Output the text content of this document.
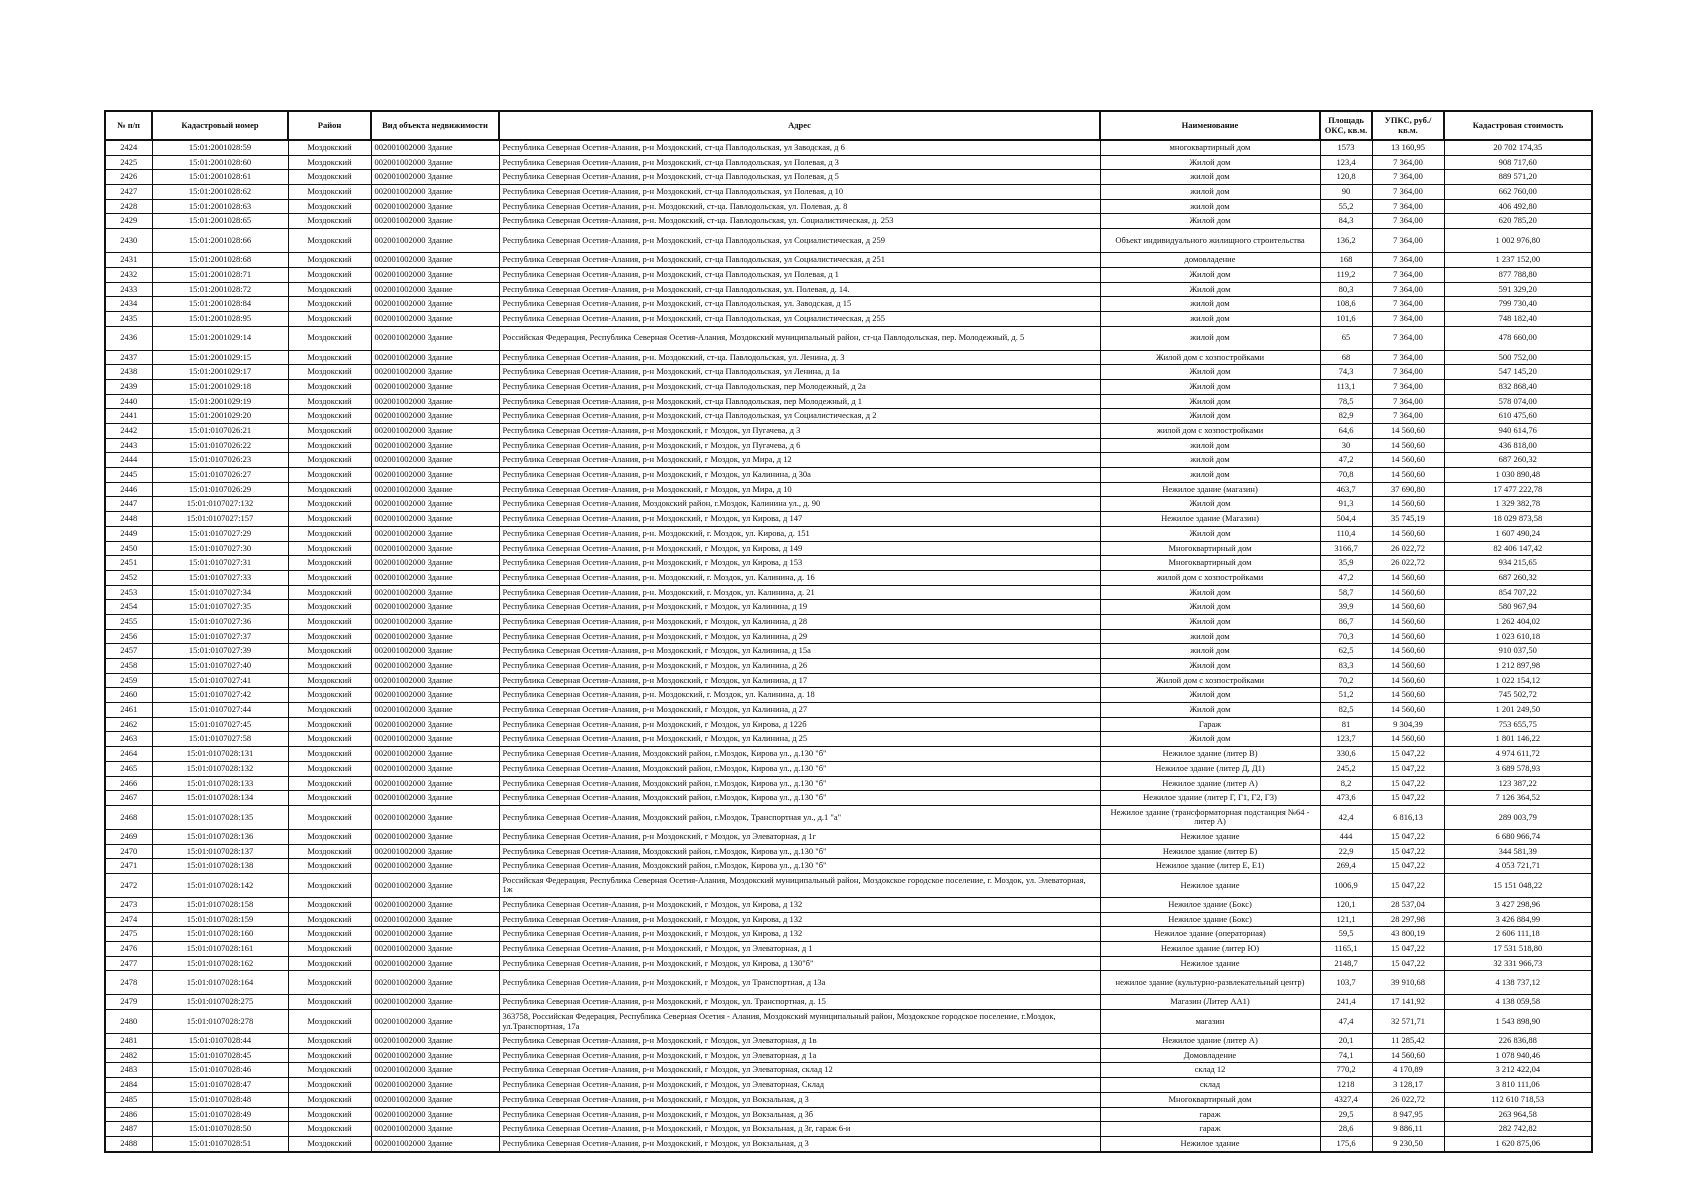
№ п/п	Кадастровый номер	Район	Вид объекта недвижимости	Адрес	Наименование	Площадь ОКС, кв.м.	УПКС, руб./кв.м.	Кадастровая стоимость
2424	15:01:2001028:59	Моздокский	002001002000 Здание	Республика Северная Осетия-Алания, р-н Моздокский, ст-ца Павлодольская, ул Заводская, д 6	многоквартирный дом	1573	13 160,95	20 702 174,35
2425	15:01:2001028:60	Моздокский	002001002000 Здание	Республика Северная Осетия-Алания, р-н Моздокский, ст-ца Павлодольская, ул Полевая, д 3	Жилой дом	123,4	7 364,00	908 717,60
2426	15:01:2001028:61	Моздокский	002001002000 Здание	Республика Северная Осетия-Алания, р-н Моздокский, ст-ца Павлодольская, ул Полевая, д 5	жилой дом	120,8	7 364,00	889 571,20
2427	15:01:2001028:62	Моздокский	002001002000 Здание	Республика Северная Осетия-Алания, р-н Моздокский, ст-ца Павлодольская, ул Полевая, д 10	жилой дом	90	7 364,00	662 760,00
2428	15:01:2001028:63	Моздокский	002001002000 Здание	Республика Северная Осетия-Алания, р-н. Моздокский, ст-ца. Павлодольская, ул. Полевая, д. 8	жилой дом	55,2	7 364,00	406 492,80
2429	15:01:2001028:65	Моздокский	002001002000 Здание	Республика Северная Осетия-Алания, р-н. Моздокский, ст-ца. Павлодольская, ул. Социалистическая, д. 253	Жилой дом	84,3	7 364,00	620 785,20
2430	15:01:2001028:66	Моздокский	002001002000 Здание	Республика Северная Осетия-Алания, р-н Моздокский, ст-ца Павлодольская, ул Социалистическая, д 259	Объект индивидуального жилищного строительства	136,2	7 364,00	1 002 976,80
2431	15:01:2001028:68	Моздокский	002001002000 Здание	Республика Северная Осетия-Алания, р-н Моздокский, ст-ца Павлодольская, ул Социалистическая, д 251	домовладение	168	7 364,00	1 237 152,00
2432	15:01:2001028:71	Моздокский	002001002000 Здание	Республика Северная Осетия-Алания, р-н Моздокский, ст-ца Павлодольская, ул Полевая, д 1	Жилой дом	119,2	7 364,00	877 788,80
2433	15:01:2001028:72	Моздокский	002001002000 Здание	Республика Северная Осетия-Алания, р-н Моздокский, ст-ца Павлодольская, ул. Полевая, д. 14.	Жилой дом	80,3	7 364,00	591 329,20
2434	15:01:2001028:84	Моздокский	002001002000 Здание	Республика Северная Осетия-Алания, р-н Моздокский, ст-ца Павлодольская, ул. Заводская, д 15	жилой дом	108,6	7 364,00	799 730,40
2435	15:01:2001028:95	Моздокский	002001002000 Здание	Республика Северная Осетия-Алания, р-н Моздокский, ст-ца Павлодольская, ул Социалистическая, д 255	жилой дом	101,6	7 364,00	748 182,40
2436	15:01:2001029:14	Моздокский	002001002000 Здание	Российская Федерация, Республика Северная Осетия-Алания, Моздокский муниципальный район, ст-ца Павлодольская, пер. Молодежный, д. 5	жилой дом	65	7 364,00	478 660,00
2437	15:01:2001029:15	Моздокский	002001002000 Здание	Республика Северная Осетия-Алания, р-н. Моздокский, ст-ца. Павлодольская, ул. Ленина, д. 3	Жилой дом с хозпостройками	68	7 364,00	500 752,00
2438	15:01:2001029:17	Моздокский	002001002000 Здание	Республика Северная Осетия-Алания, р-н Моздокский, ст-ца Павлодольская, ул Ленина, д 1а	Жилой дом	74,3	7 364,00	547 145,20
2439	15:01:2001029:18	Моздокский	002001002000 Здание	Республика Северная Осетия-Алания, р-н Моздокский, ст-ца Павлодольская, пер Молодежный, д 2а	Жилой дом	113,1	7 364,00	832 868,40
2440	15:01:2001029:19	Моздокский	002001002000 Здание	Республика Северная Осетия-Алания, р-н Моздокский, ст-ца Павлодольская, пер Молодежный, д 1	Жилой дом	78,5	7 364,00	578 074,00
2441	15:01:2001029:20	Моздокский	002001002000 Здание	Республика Северная Осетия-Алания, р-н Моздокский, ст-ца Павлодольская, ул Социалистическая, д 2	Жилой дом	82,9	7 364,00	610 475,60
2442	15:01:0107026:21	Моздокский	002001002000 Здание	Республика Северная Осетия-Алания, р-н Моздокский, г Моздок, ул Пугачева, д 3	жилой дом с хозпостройками	64,6	14 560,60	940 614,76
2443	15:01:0107026:22	Моздокский	002001002000 Здание	Республика Северная Осетия-Алания, р-н Моздокский, г Моздок, ул Пугачева, д 6	жилой дом	30	14 560,60	436 818,00
2444	15:01:0107026:23	Моздокский	002001002000 Здание	Республика Северная Осетия-Алания, р-н Моздокский, г Моздок, ул Мира, д 12	жилой дом	47,2	14 560,60	687 260,32
2445	15:01:0107026:27	Моздокский	002001002000 Здание	Республика Северная Осетия-Алания, р-н Моздокский, г Моздок, ул Калинина, д 30а	жилой дом	70,8	14 560,60	1 030 890,48
2446	15:01:0107026:29	Моздокский	002001002000 Здание	Республика Северная Осетия-Алания, р-н Моздокский, г Моздок, ул Мира, д 10	Нежилое здание (магазин)	463,7	37 690,80	17 477 222,78
2447	15:01:0107027:132	Моздокский	002001002000 Здание	Республика Северная Осетия-Алания, Моздокский район, г.Моздок, Калинина ул., д. 90	Жилой дом	91,3	14 560,60	1 329 382,78
2448	15:01:0107027:157	Моздокский	002001002000 Здание	Республика Северная Осетия-Алания, р-н Моздокский, г Моздок, ул Кирова, д 147	Нежилое здание (Магазин)	504,4	35 745,19	18 029 873,58
2449	15:01:0107027:29	Моздокский	002001002000 Здание	Республика Северная Осетия-Алания, р-н. Моздокский, г. Моздок, ул. Кирова, д. 151	Жилой дом	110,4	14 560,60	1 607 490,24
2450	15:01:0107027:30	Моздокский	002001002000 Здание	Республика Северная Осетия-Алания, р-н Моздокский, г Моздок, ул Кирова, д 149	Многоквартирный дом	3166,7	26 022,72	82 406 147,42
2451	15:01:0107027:31	Моздокский	002001002000 Здание	Республика Северная Осетия-Алания, р-н Моздокский, г Моздок, ул Кирова, д 153	Многоквартирный дом	35,9	26 022,72	934 215,65
2452	15:01:0107027:33	Моздокский	002001002000 Здание	Республика Северная Осетия-Алания, р-н. Моздокский, г. Моздок, ул. Калинина, д. 16	жилой дом с хозпостройками	47,2	14 560,60	687 260,32
2453	15:01:0107027:34	Моздокский	002001002000 Здание	Республика Северная Осетия-Алания, р-н. Моздокский, г. Моздок, ул. Калинина, д. 21	Жилой дом	58,7	14 560,60	854 707,22
2454	15:01:0107027:35	Моздокский	002001002000 Здание	Республика Северная Осетия-Алания, р-н Моздокский, г Моздок, ул Калинина, д 19	Жилой дом	39,9	14 560,60	580 967,94
2455	15:01:0107027:36	Моздокский	002001002000 Здание	Республика Северная Осетия-Алания, р-н Моздокский, г Моздок, ул Калинина, д 28	Жилой дом	86,7	14 560,60	1 262 404,02
2456	15:01:0107027:37	Моздокский	002001002000 Здание	Республика Северная Осетия-Алания, р-н Моздокский, г Моздок, ул Калинина, д 29	жилой дом	70,3	14 560,60	1 023 610,18
2457	15:01:0107027:39	Моздокский	002001002000 Здание	Республика Северная Осетия-Алания, р-н Моздокский, г Моздок, ул Калинина, д 15а	жилой дом	62,5	14 560,60	910 037,50
2458	15:01:0107027:40	Моздокский	002001002000 Здание	Республика Северная Осетия-Алания, р-н Моздокский, г Моздок, ул Калинина, д 26	Жилой дом	83,3	14 560,60	1 212 897,98
2459	15:01:0107027:41	Моздокский	002001002000 Здание	Республика Северная Осетия-Алания, р-н Моздокский, г Моздок, ул Калинина, д 17	Жилой дом с хозпостройками	70,2	14 560,60	1 022 154,12
2460	15:01:0107027:42	Моздокский	002001002000 Здание	Республика Северная Осетия-Алания, р-н. Моздокский, г. Моздок, ул. Калинина, д. 18	Жилой дом	51,2	14 560,60	745 502,72
2461	15:01:0107027:44	Моздокский	002001002000 Здание	Республика Северная Осетия-Алания, р-н Моздокский, г Моздок, ул Калинина, д 27	Жилой дом	82,5	14 560,60	1 201 249,50
2462	15:01:0107027:45	Моздокский	002001002000 Здание	Республика Северная Осетия-Алания, р-н Моздокский, г Моздок, ул Кирова, д 122б	Гараж	81	9 304,39	753 655,75
2463	15:01:0107027:58	Моздокский	002001002000 Здание	Республика Северная Осетия-Алания, р-н Моздокский, г Моздок, ул Калинина, д 25	Жилой дом	123,7	14 560,60	1 801 146,22
2464	15:01:0107028:131	Моздокский	002001002000 Здание	Республика Северная Осетия-Алания, Моздокский район, г.Моздок, Кирова ул., д.130 "б"	Нежилое здание (литер В)	330,6	15 047,22	4 974 611,72
2465	15:01:0107028:132	Моздокский	002001002000 Здание	Республика Северная Осетия-Алания, Моздокский район, г.Моздок, Кирова ул., д.130 "б"	Нежилое здание (литер Д, Д1)	245,2	15 047,22	3 689 578,93
2466	15:01:0107028:133	Моздокский	002001002000 Здание	Республика Северная Осетия-Алания, Моздокский район, г.Моздок, Кирова ул., д.130 "б"	Нежилое здание (литер А)	8,2	15 047,22	123 387,22
2467	15:01:0107028:134	Моздокский	002001002000 Здание	Республика Северная Осетия-Алания, Моздокский район, г.Моздок, Кирова ул., д.130 "б"	Нежилое здание (литер Г, Г1, Г2, Г3)	473,6	15 047,22	7 126 364,52
2468	15:01:0107028:135	Моздокский	002001002000 Здание	Республика Северная Осетия-Алания, Моздокский район, г.Моздок, Транспортная ул., д.1 "а"	Нежилое здание (трансформаторная подстанция №64 - литер А)	42,4	6 816,13	289 003,79
2469	15:01:0107028:136	Моздокский	002001002000 Здание	Республика Северная Осетия-Алания, р-н Моздокский, г Моздок, ул Элеваторная, д 1г	Нежилое здание	444	15 047,22	6 680 966,74
2470	15:01:0107028:137	Моздокский	002001002000 Здание	Республика Северная Осетия-Алания, Моздокский район, г.Моздок, Кирова ул., д.130 "б"	Нежилое здание (литер Б)	22,9	15 047,22	344 581,39
2471	15:01:0107028:138	Моздокский	002001002000 Здание	Республика Северная Осетия-Алания, Моздокский район, г.Моздок, Кирова ул., д.130 "б"	Нежилое здание (литер Е, Е1)	269,4	15 047,22	4 053 721,71
2472	15:01:0107028:142	Моздокский	002001002000 Здание	Российская Федерация, Республика Северная Осетия-Алания, Моздокский муниципальный район, Моздокское городское поселение, г. Моздок, ул. Элеваторная, 1ж	Нежилое здание	1006,9	15 047,22	15 151 048,22
2473	15:01:0107028:158	Моздокский	002001002000 Здание	Республика Северная Осетия-Алания, р-н Моздокский, г Моздок, ул Кирова, д 132	Нежилое здание (Бокс)	120,1	28 537,04	3 427 298,96
2474	15:01:0107028:159	Моздокский	002001002000 Здание	Республика Северная Осетия-Алания, р-н Моздокский, г Моздок, ул Кирова, д 132	Нежилое здание (Бокс)	121,1	28 297,98	3 426 884,99
2475	15:01:0107028:160	Моздокский	002001002000 Здание	Республика Северная Осетия-Алания, р-н Моздокский, г Моздок, ул Кирова, д 132	Нежилое здание (операторная)	59,5	43 800,19	2 606 111,18
2476	15:01:0107028:161	Моздокский	002001002000 Здание	Республика Северная Осетия-Алания, р-н Моздокский, г Моздок, ул Элеваторная, д 1	Нежилое здание (литер Ю)	1165,1	15 047,22	17 531 518,80
2477	15:01:0107028:162	Моздокский	002001002000 Здание	Республика Северная Осетия-Алания, р-н Моздокский, г Моздок, ул Кирова, д 130"б"	Нежилое здание	2148,7	15 047,22	32 331 966,73
2478	15:01:0107028:164	Моздокский	002001002000 Здание	Республика Северная Осетия-Алания, р-н Моздокский, г Моздок, ул Транспортная, д 13а	нежилое здание (культурно-развлекательный центр)	103,7	39 910,68	4 138 737,12
2479	15:01:0107028:275	Моздокский	002001002000 Здание	Республика Северная Осетия-Алания, р-н Моздокский, г Моздок, ул. Транспортная, д. 15	Магазин (Литер АА1)	241,4	17 141,92	4 138 059,58
2480	15:01:0107028:278	Моздокский	002001002000 Здание	363758, Российская Федерация, Республика Северная Осетия - Алания, Моздокский муниципальный район, Моздокское городское поселение, г.Моздок, ул.Транспортная, 17а	магазин	47,4	32 571,71	1 543 898,90
2481	15:01:0107028:44	Моздокский	002001002000 Здание	Республика Северная Осетия-Алания, р-н Моздокский, г Моздок, ул Элеваторная, д 1в	Нежилое здание (литер А)	20,1	11 285,42	226 836,88
2482	15:01:0107028:45	Моздокский	002001002000 Здание	Республика Северная Осетия-Алания, р-н Моздокский, г Моздок, ул Элеваторная, д 1а	Домовладение	74,1	14 560,60	1 078 940,46
2483	15:01:0107028:46	Моздокский	002001002000 Здание	Республика Северная Осетия-Алания, р-н Моздокский, г Моздок, ул Элеваторная, склад 12	склад 12	770,2	4 170,89	3 212 422,04
2484	15:01:0107028:47	Моздокский	002001002000 Здание	Республика Северная Осетия-Алания, р-н Моздокский, г Моздок, ул Элеваторная, Склад	склад	1218	3 128,17	3 810 111,06
2485	15:01:0107028:48	Моздокский	002001002000 Здание	Республика Северная Осетия-Алания, р-н Моздокский, г Моздок, ул Вокзальная, д 3	Многоквартирный дом	4327,4	26 022,72	112 610 718,53
2486	15:01:0107028:49	Моздокский	002001002000 Здание	Республика Северная Осетия-Алания, р-н Моздокский, г Моздок, ул Вокзальная, д 3б	гараж	29,5	8 947,95	263 964,58
2487	15:01:0107028:50	Моздокский	002001002000 Здание	Республика Северная Осетия-Алания, р-н Моздокский, г Моздок, ул Вокзальная, д 3г, гараж 6-и	гараж	28,6	9 886,11	282 742,82
2488	15:01:0107028:51	Моздокский	002001002000 Здание	Республика Северная Осетия-Алания, р-н Моздокский, г Моздок, ул Вокзальная, д 3	Нежилое здание	175,6	9 230,50	1 620 875,06
